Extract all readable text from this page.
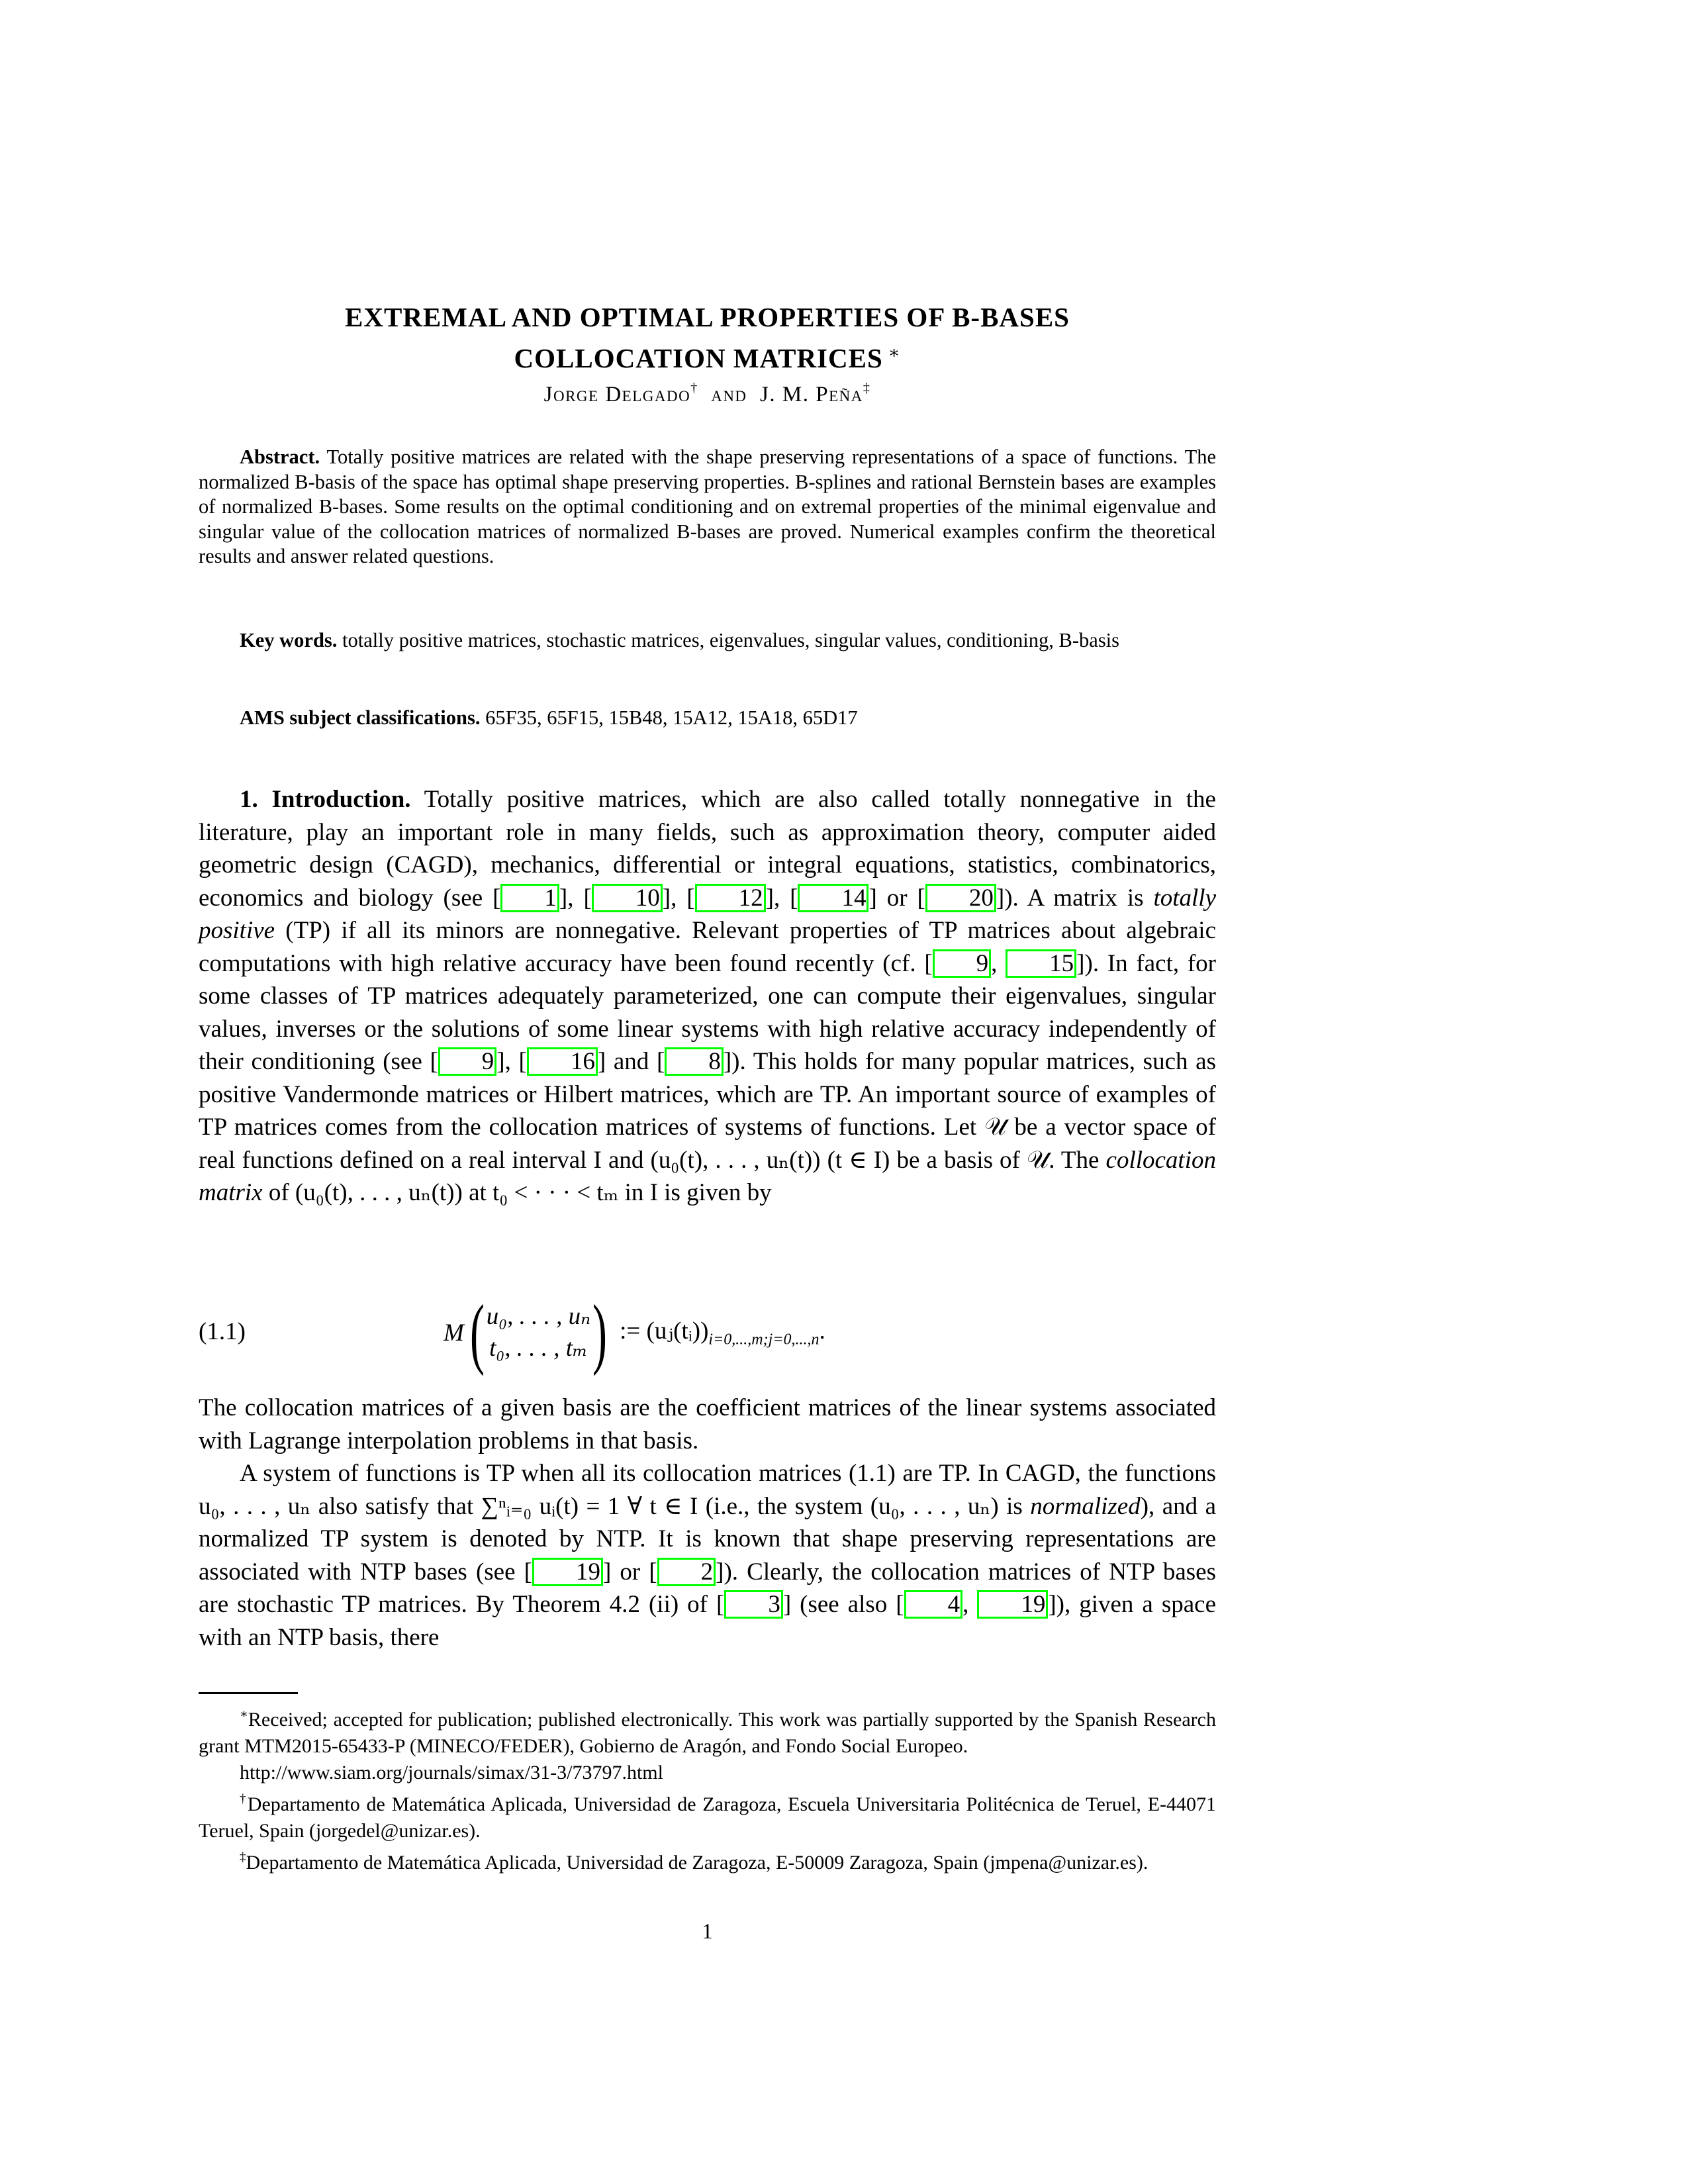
EXTREMAL AND OPTIMAL PROPERTIES OF B-BASES
COLLOCATION MATRICES ∗
Jorge Delgado† and J. M. Peña‡
Abstract. Totally positive matrices are related with the shape preserving representations of a space of functions. The normalized B-basis of the space has optimal shape preserving properties. B-splines and rational Bernstein bases are examples of normalized B-bases. Some results on the optimal conditioning and on extremal properties of the minimal eigenvalue and singular value of the collocation matrices of normalized B-bases are proved. Numerical examples confirm the theoretical results and answer related questions.
Key words. totally positive matrices, stochastic matrices, eigenvalues, singular values, conditioning, B-basis
AMS subject classifications. 65F35, 65F15, 15B48, 15A12, 15A18, 65D17
1. Introduction. Totally positive matrices, which are also called totally nonnegative in the literature, play an important role in many fields, such as approximation theory, computer aided geometric design (CAGD), mechanics, differential or integral equations, statistics, combinatorics, economics and biology (see [ 1 ], [ 10 ], [ 12 ], [ 14 ] or [ 20 ]). A matrix is totally positive (TP) if all its minors are nonnegative. Relevant properties of TP matrices about algebraic computations with high relative accuracy have been found recently (cf. [ 9 , 15 ]). In fact, for some classes of TP matrices adequately parameterized, one can compute their eigenvalues, singular values, inverses or the solutions of some linear systems with high relative accuracy independently of their conditioning (see [ 9 ], [ 16 ] and [ 8 ]). This holds for many popular matrices, such as positive Vandermonde matrices or Hilbert matrices, which are TP. An important source of examples of TP matrices comes from the collocation matrices of systems of functions. Let 𝒰 be a vector space of real functions defined on a real interval I and (u₀(t), . . . , uₙ(t)) (t ∈ I) be a basis of 𝒰. The collocation matrix of (u₀(t), . . . , uₙ(t)) at t₀ < · · · < tₘ in I is given by
(1.1)	M ( u₀, . . . , uₙ
t₀, . . . , tₘ ) := $(uⱼ(tᵢ))_{i=0,...,m;j=0,...,n}$.
The collocation matrices of a given basis are the coefficient matrices of the linear systems associated with Lagrange interpolation problems in that basis.
A system of functions is TP when all its collocation matrices (1.1) are TP. In CAGD, the functions u₀, . . . , uₙ also satisfy that ∑ⁿᵢ₌₀ uᵢ(t) = 1 ∀ t ∈ I (i.e., the system (u₀, . . . , uₙ) is normalized), and a normalized TP system is denoted by NTP. It is known that shape preserving representations are associated with NTP bases (see [ 19 ] or [ 2 ]). Clearly, the collocation matrices of NTP bases are stochastic TP matrices. By Theorem 4.2 (ii) of [ 3 ] (see also [ 4 , 19 ]), given a space with an NTP basis, there

∗Received; accepted for publication; published electronically. This work was partially supported by the Spanish Research grant MTM2015-65433-P (MINECO/FEDER), Gobierno de Aragón, and Fondo Social Europeo.

http://www.siam.org/journals/simax/31-3/73797.html

†Departamento de Matemática Aplicada, Universidad de Zaragoza, Escuela Universitaria Politécnica de Teruel, E-44071 Teruel, Spain (jorgedel@unizar.es).

‡Departamento de Matemática Aplicada, Universidad de Zaragoza, E-50009 Zaragoza, Spain (jmpena@unizar.es).

1
